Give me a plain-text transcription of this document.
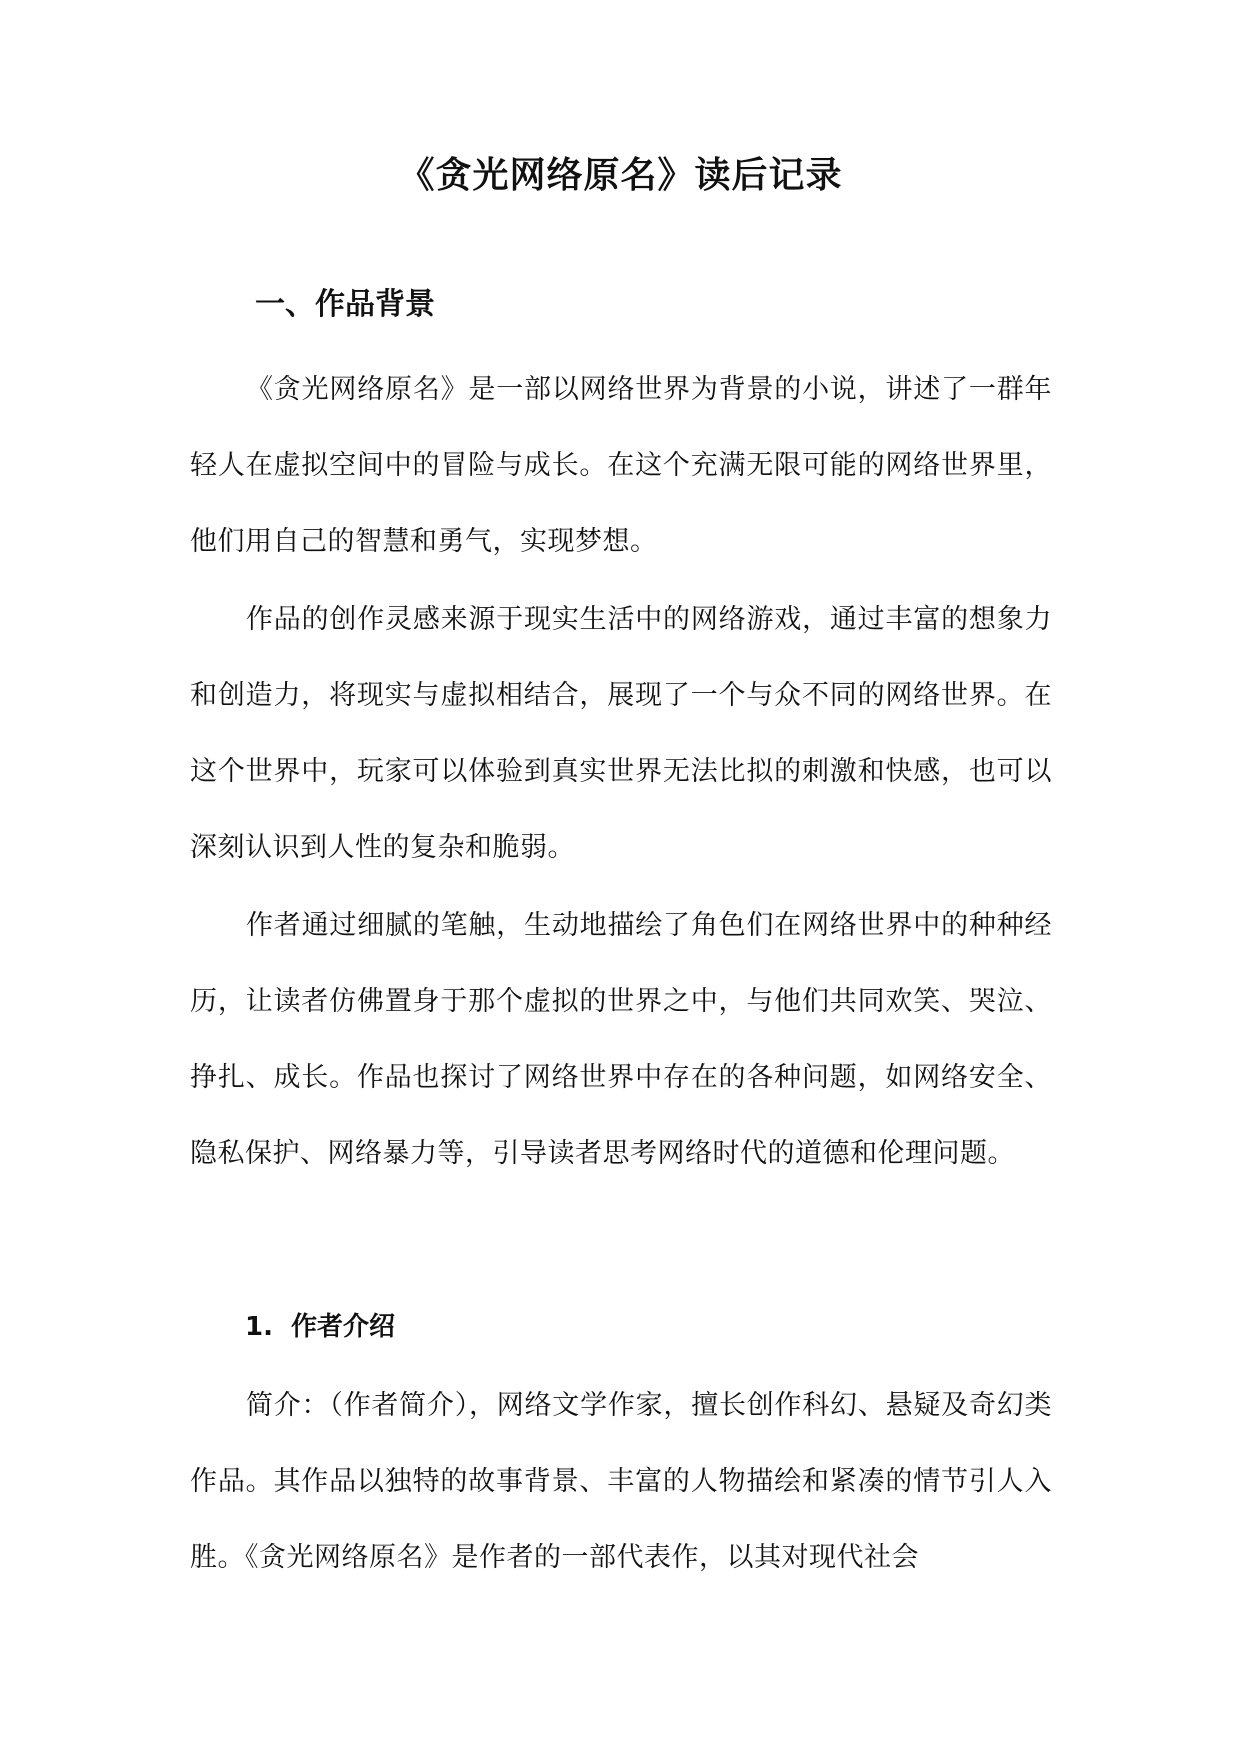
《贪光网络原名》读后记录
一、作品背景

《贪光网络原名》是一部以网络世界为背景的小说，讲述了一群年轻人在虚拟空间中的冒险与成长。在这个充满无限可能的网络世界里，他们用自己的智慧和勇气，实现梦想。

作品的创作灵感来源于现实生活中的网络游戏，通过丰富的想象力和创造力，将现实与虚拟相结合，展现了一个与众不同的网络世界。在这个世界中，玩家可以体验到真实世界无法比拟的刺激和快感，也可以深刻认识到人性的复杂和脆弱。

作者通过细腻的笔触，生动地描绘了角色们在网络世界中的种种经历，让读者仿佛置身于那个虚拟的世界之中，与他们共同欢笑、哭泣、挣扎、成长。作品也探讨了网络世界中存在的各种问题，如网络安全、隐私保护、网络暴力等，引导读者思考网络时代的道德和伦理问题。

1. 作者介绍

简介：（作者简介），网络文学作家，擅长创作科幻、悬疑及奇幻类作品。其作品以独特的故事背景、丰富的人物描绘和紧凑的情节引人入胜。《贪光网络原名》是作者的一部代表作，以其对现代社会
